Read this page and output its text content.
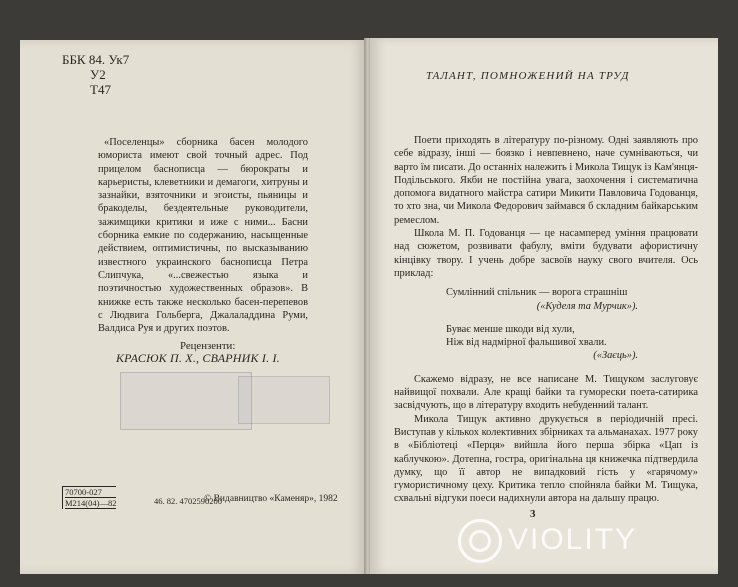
ББК 84. Ук7
У2
Т47
«Поселенцы» сборника басен молодого юмориста имеют свой точный адрес. Под прицелом баснописца — бюрократы и карьеристы, клеветники и демагоги, хитруны и зазнайки, взяточники и эгоисты, пьяницы и бракоделы, бездеятельные руководители, зажимщики критики и иже с ними... Басни сборника емкие по содержанию, насыщенные действием, оптимистичны, по высказыванию известного украинского баснописца Петра Слипчука, «...свежестью языка и поэтичностью художественных образов». В книжке есть также несколько басен-перепевов с Людвига Гольберга, Джалаладдина Руми, Валдиса Руя и других поэтов.
Рецензенти:
КРАСЮК П. Х., СВАРНИК І. І.
70700-027
М214(04)—82	46. 82. 4702590200
© Видавництво «Каменяр», 1982
ТАЛАНТ, ПОМНОЖЕНИЙ НА ТРУД

Поети приходять в літературу по-різному. Одні заявляють про себе відразу, інші — боязко і невпевнено, наче сумніваються, чи варто їм писати. До останніх належить і Микола Тищук із Кам'янця-Подільського. Якби не постійна увага, заохочення і систематична допомога видатного майстра сатири Микити Павловича Годованця, то хто зна, чи Микола Федорович займався б складним байкарським ремеслом.

Школа М. П. Годованця — це насамперед уміння працювати над сюжетом, розвивати фабулу, вміти будувати афористичну кінцівку твору. І учень добре засвоїв науку свого вчителя. Ось приклад:

Сумлінний спільник — ворога страшніш
(«Куделя та Мурчик»).
Буває менше шкоди від хули,
Ніж від надмірної фальшивої хвали.
(«Заєць»).

Скажемо відразу, не все написане М. Тищуком заслуговує найвищої похвали. Але кращі байки та гуморески поета-сатирика засвідчують, що в літературу входить небуденний талант.

Микола Тищук активно друкується в періодичній пресі. Виступав у кількох колективних збірниках та альманахах. 1977 року в «Бібліотеці «Перця» вийшла його перша збірка «Цап із каблучкою». Дотепна, гостра, оригінальна ця книжечка підтвердила думку, що її автор не випадковий гість у «гарячому» гумористичному цеху. Критика тепло спойняла байки М. Тищука, схвальні відгуки поеси надихнули автора на дальшу працю.

3
VIOLITY
